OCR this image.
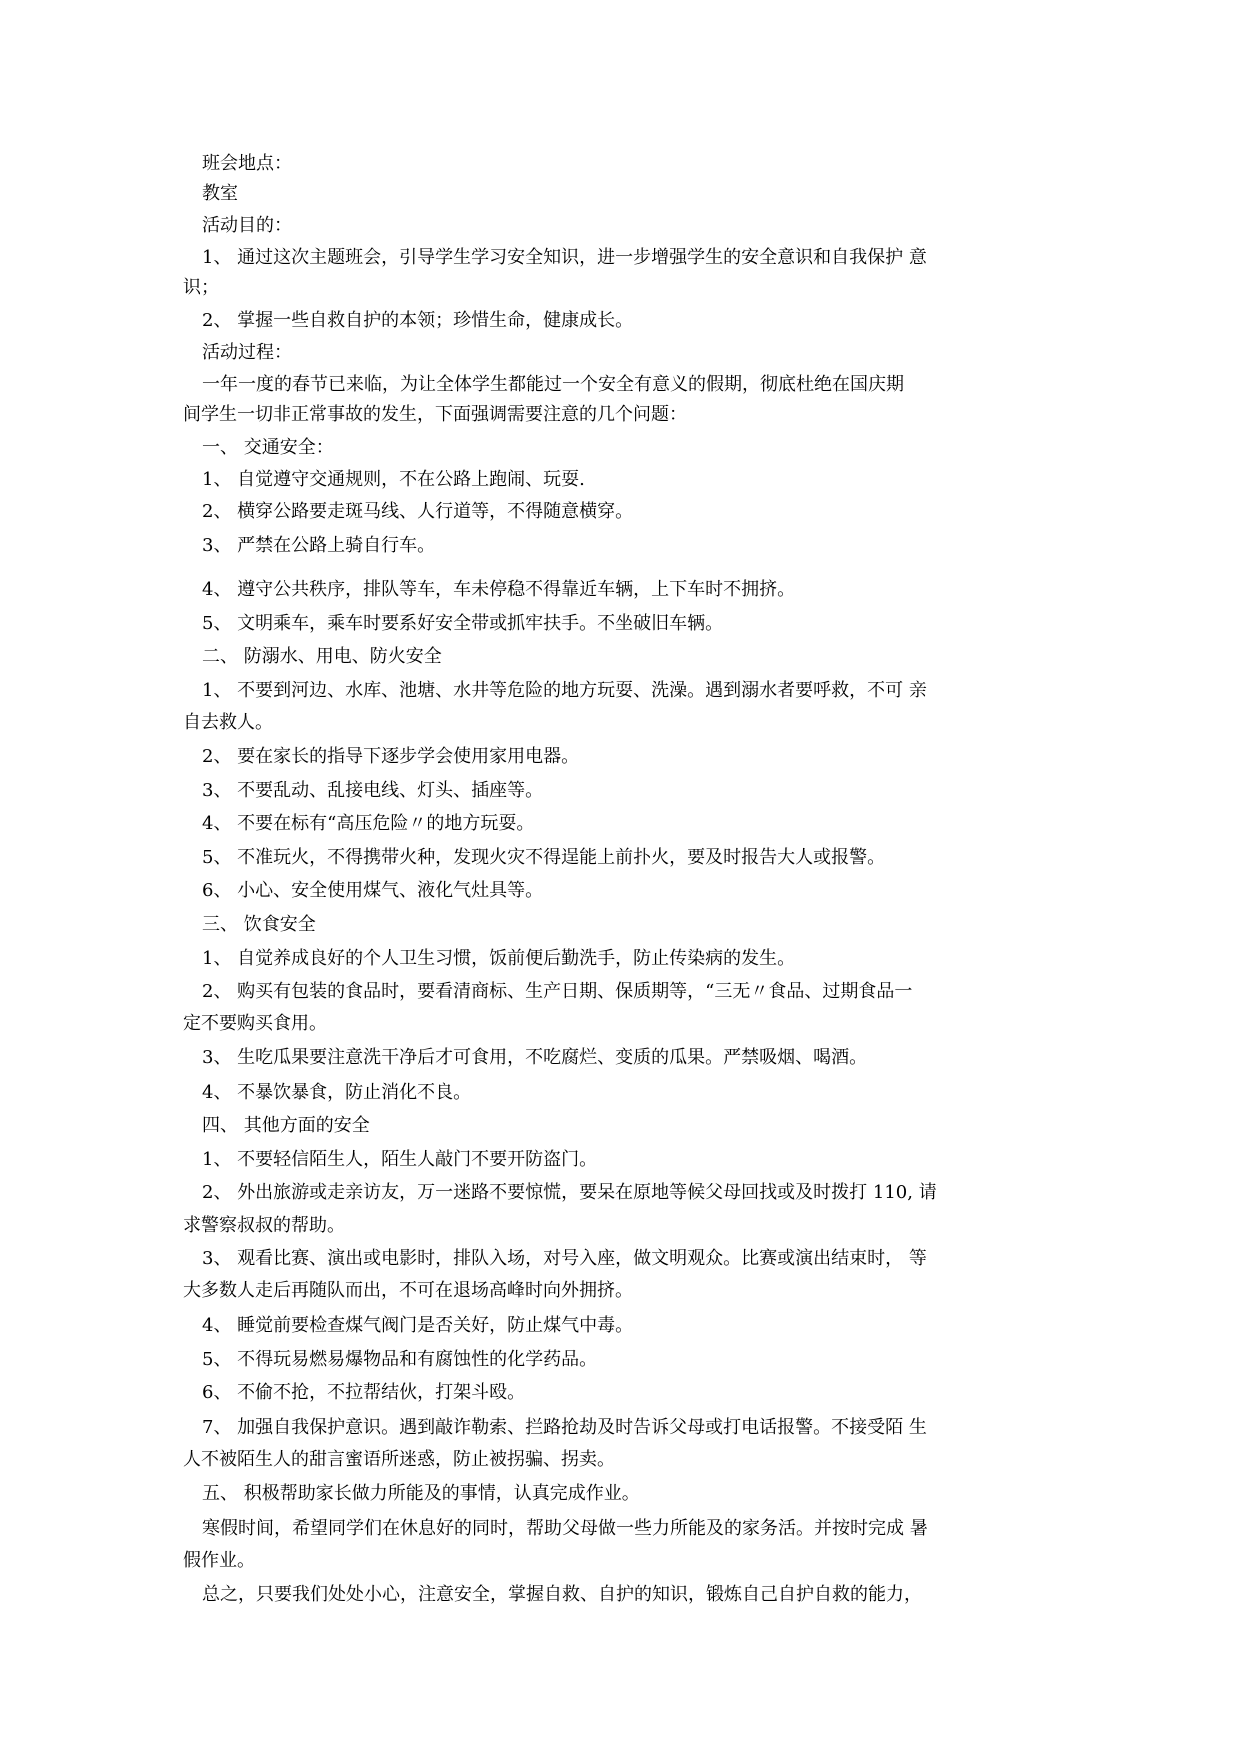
班会地点：
教室
活动目的：
1、 通过这次主题班会，引导学生学习安全知识，进一步增强学生的安全意识和自我保护 意
识；
2、 掌握一些自救自护的本领；珍惜生命，健康成长。
活动过程：
一年一度的春节已来临，为让全体学生都能过一个安全有意义的假期，彻底杜绝在国庆期
间学生一切非正常事故的发生，下面强调需要注意的几个问题：
一、 交通安全：
1、 自觉遵守交通规则，不在公路上跑闹、玩耍.
2、 横穿公路要走斑马线、人行道等，不得随意横穿。
3、 严禁在公路上骑自行车。
4、 遵守公共秩序，排队等车，车未停稳不得靠近车辆，上下车时不拥挤。
5、 文明乘车，乘车时要系好安全带或抓牢扶手。不坐破旧车辆。
二、 防溺水、用电、防火安全
1、 不要到河边、水库、池塘、水井等危险的地方玩耍、洗澡。遇到溺水者要呼救，不可 亲
自去救人。
2、 要在家长的指导下逐步学会使用家用电器。
3、 不要乱动、乱接电线、灯头、插座等。
4、 不要在标有“高压危险〃的地方玩耍。
5、 不准玩火，不得携带火种，发现火灾不得逞能上前扑火，要及时报告大人或报警。
6、 小心、安全使用煤气、液化气灶具等。
三、 饮食安全
1、 自觉养成良好的个人卫生习惯，饭前便后勤洗手，防止传染病的发生。
2、 购买有包装的食品时，要看清商标、生产日期、保质期等，“三无〃食品、过期食品一
定不要购买食用。
3、 生吃瓜果要注意洗干净后才可食用，不吃腐烂、变质的瓜果。严禁吸烟、喝酒。
4、 不暴饮暴食，防止消化不良。
四、 其他方面的安全
1、 不要轻信陌生人，陌生人敲门不要开防盗门。
2、 外出旅游或走亲访友，万一迷路不要惊慌，要呆在原地等候父母回找或及时拨打 110, 请
求警察叔叔的帮助。
3、 观看比赛、演出或电影时，排队入场，对号入座，做文明观众。比赛或演出结束时， 等
大多数人走后再随队而出，不可在退场高峰时向外拥挤。
4、 睡觉前要检查煤气阀门是否关好，防止煤气中毒。
5、 不得玩易燃易爆物品和有腐蚀性的化学药品。
6、 不偷不抢，不拉帮结伙，打架斗殴。
7、 加强自我保护意识。遇到敲诈勒索、拦路抢劫及时告诉父母或打电话报警。不接受陌 生
人不被陌生人的甜言蜜语所迷惑，防止被拐骗、拐卖。
五、 积极帮助家长做力所能及的事情，认真完成作业。
寒假时间，希望同学们在休息好的同时，帮助父母做一些力所能及的家务活。并按时完成 暑
假作业。
总之，只要我们处处小心，注意安全，掌握自救、自护的知识，锻炼自己自护自救的能力，
